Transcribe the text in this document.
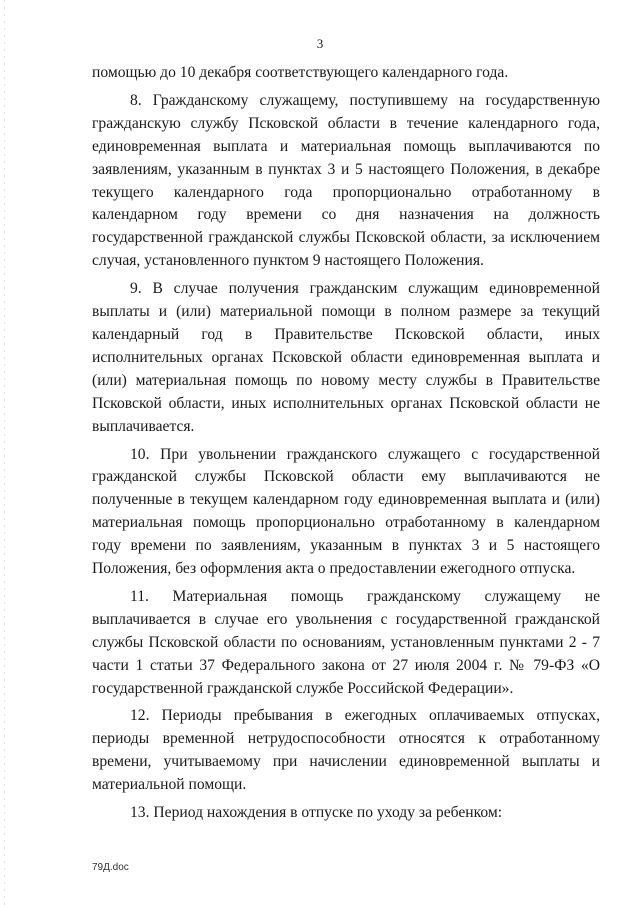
3

помощью до 10 декабря соответствующего календарного года.

8. Гражданскому служащему, поступившему на государственную гражданскую службу Псковской области в течение календарного года, единовременная выплата и материальная помощь выплачиваются по заявлениям, указанным в пунктах 3 и 5 настоящего Положения, в декабре текущего календарного года пропорционально отработанному в календарном году времени со дня назначения на должность государственной гражданской службы Псковской области, за исключением случая, установленного пунктом 9 настоящего Положения.

9. В случае получения гражданским служащим единовременной выплаты и (или) материальной помощи в полном размере за текущий календарный год в Правительстве Псковской области, иных исполнительных органах Псковской области единовременная выплата и (или) материальная помощь по новому месту службы в Правительстве Псковской области, иных исполнительных органах Псковской области не выплачивается.

10. При увольнении гражданского служащего с государственной гражданской службы Псковской области ему выплачиваются не полученные в текущем календарном году единовременная выплата и (или) материальная помощь пропорционально отработанному в календарном году времени по заявлениям, указанным в пунктах 3 и 5 настоящего Положения, без оформления акта о предоставлении ежегодного отпуска.

11. Материальная помощь гражданскому служащему не выплачивается в случае его увольнения с государственной гражданской службы Псковской области по основаниям, установленным пунктами 2 - 7 части 1 статьи 37 Федерального закона от 27 июля 2004 г. № 79-ФЗ «О государственной гражданской службе Российской Федерации».

12. Периоды пребывания в ежегодных оплачиваемых отпусках, периоды временной нетрудоспособности относятся к отработанному времени, учитываемому при начислении единовременной выплаты и материальной помощи.

13. Период нахождения в отпуске по уходу за ребенком:

79Д.doc
